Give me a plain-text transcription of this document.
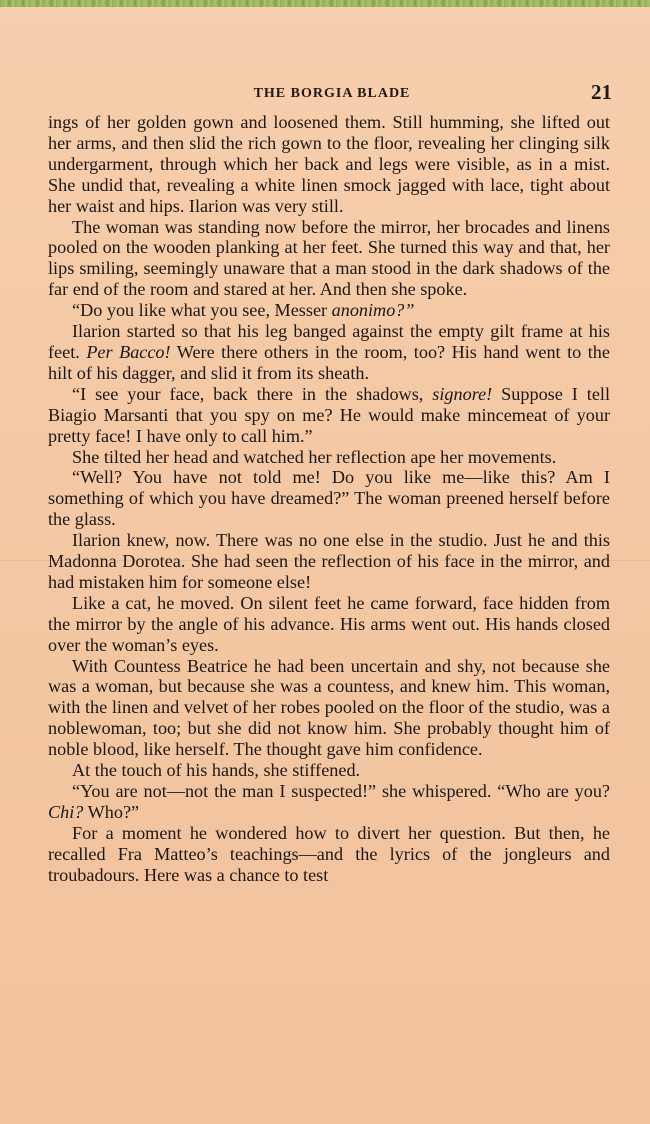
THE BORGIA BLADE	21

ings of her golden gown and loosened them. Still humming, she lifted out her arms, and then slid the rich gown to the floor, revealing her clinging silk undergarment, through which her back and legs were visible, as in a mist. She undid that, revealing a white linen smock jagged with lace, tight about her waist and hips. Ilarion was very still.

The woman was standing now before the mirror, her brocades and linens pooled on the wooden planking at her feet. She turned this way and that, her lips smiling, seemingly unaware that a man stood in the dark shadows of the far end of the room and stared at her. And then she spoke.

“Do you like what you see, Messer anonimo?”

Ilarion started so that his leg banged against the empty gilt frame at his feet. Per Bacco! Were there others in the room, too? His hand went to the hilt of his dagger, and slid it from its sheath.

“I see your face, back there in the shadows, signore! Suppose I tell Biagio Marsanti that you spy on me? He would make mincemeat of your pretty face! I have only to call him.”

She tilted her head and watched her reflection ape her movements.

“Well? You have not told me! Do you like me—like this? Am I something of which you have dreamed?” The woman preened herself before the glass.

Ilarion knew, now. There was no one else in the studio. Just he and this Madonna Dorotea. She had seen the reflection of his face in the mirror, and had mistaken him for someone else!

Like a cat, he moved. On silent feet he came forward, face hidden from the mirror by the angle of his advance. His arms went out. His hands closed over the woman’s eyes.

With Countess Beatrice he had been uncertain and shy, not because she was a woman, but because she was a countess, and knew him. This woman, with the linen and velvet of her robes pooled on the floor of the studio, was a noblewoman, too; but she did not know him. She probably thought him of noble blood, like herself. The thought gave him confidence.

At the touch of his hands, she stiffened.

“You are not—not the man I suspected!” she whispered. “Who are you? Chi? Who?”

For a moment he wondered how to divert her question. But then, he recalled Fra Matteo’s teachings—and the lyrics of the jongleurs and troubadours. Here was a chance to test
